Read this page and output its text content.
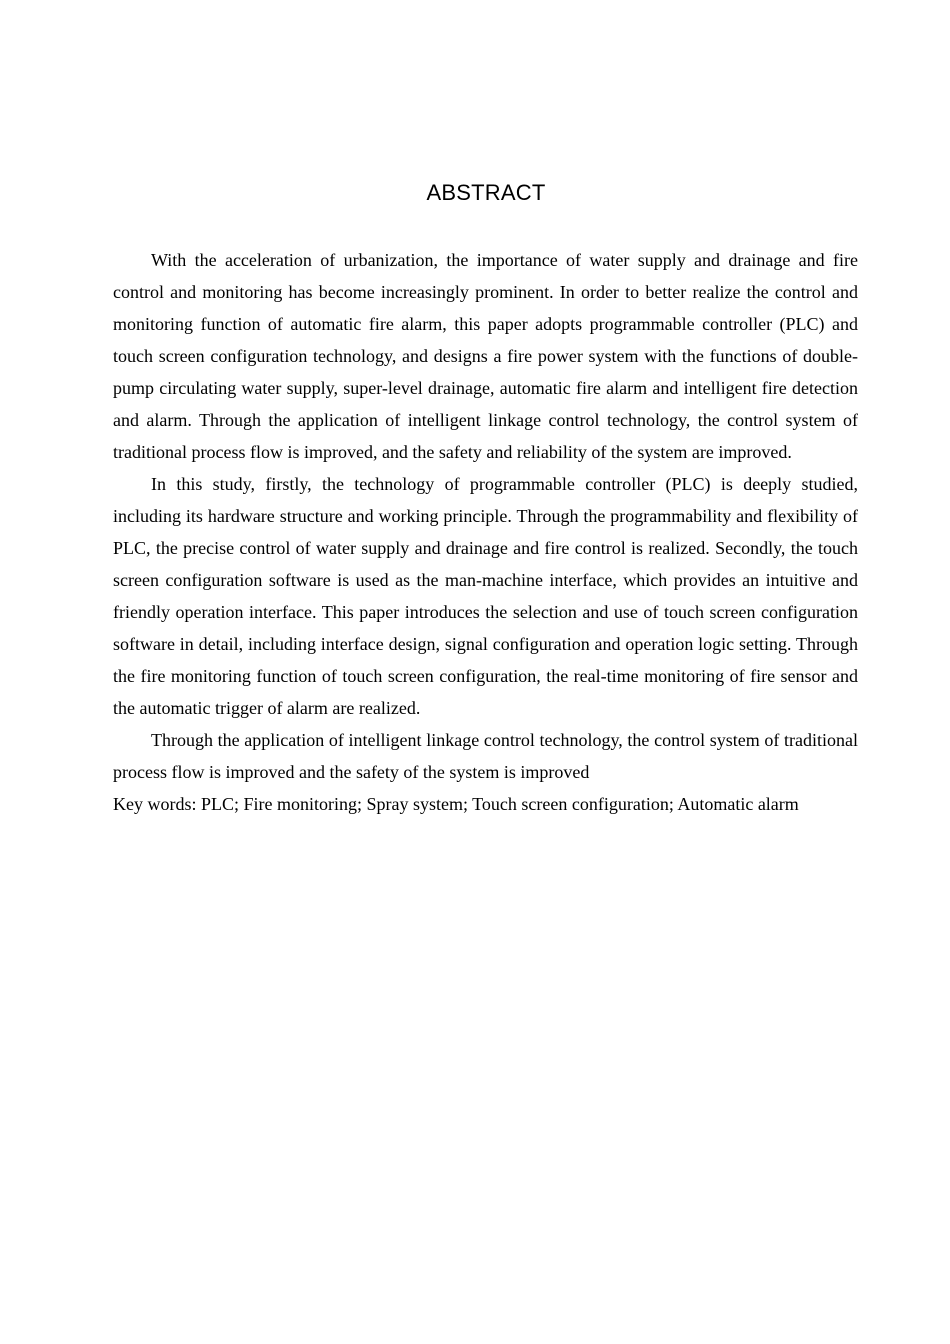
ABSTRACT

With the acceleration of urbanization, the importance of water supply and drainage and fire control and monitoring has become increasingly prominent. In order to better realize the control and monitoring function of automatic fire alarm, this paper adopts programmable controller (PLC) and touch screen configuration technology, and designs a fire power system with the functions of double-pump circulating water supply, super-level drainage, automatic fire alarm and intelligent fire detection and alarm. Through the application of intelligent linkage control technology, the control system of traditional process flow is improved, and the safety and reliability of the system are improved.

In this study, firstly, the technology of programmable controller (PLC) is deeply studied, including its hardware structure and working principle. Through the programmability and flexibility of PLC, the precise control of water supply and drainage and fire control is realized. Secondly, the touch screen configuration software is used as the man-machine interface, which provides an intuitive and friendly operation interface. This paper introduces the selection and use of touch screen configuration software in detail, including interface design, signal configuration and operation logic setting. Through the fire monitoring function of touch screen configuration, the real-time monitoring of fire sensor and the automatic trigger of alarm are realized.

Through the application of intelligent linkage control technology, the control system of traditional process flow is improved and the safety of the system is improved

Key words: PLC; Fire monitoring; Spray system; Touch screen configuration; Automatic alarm
